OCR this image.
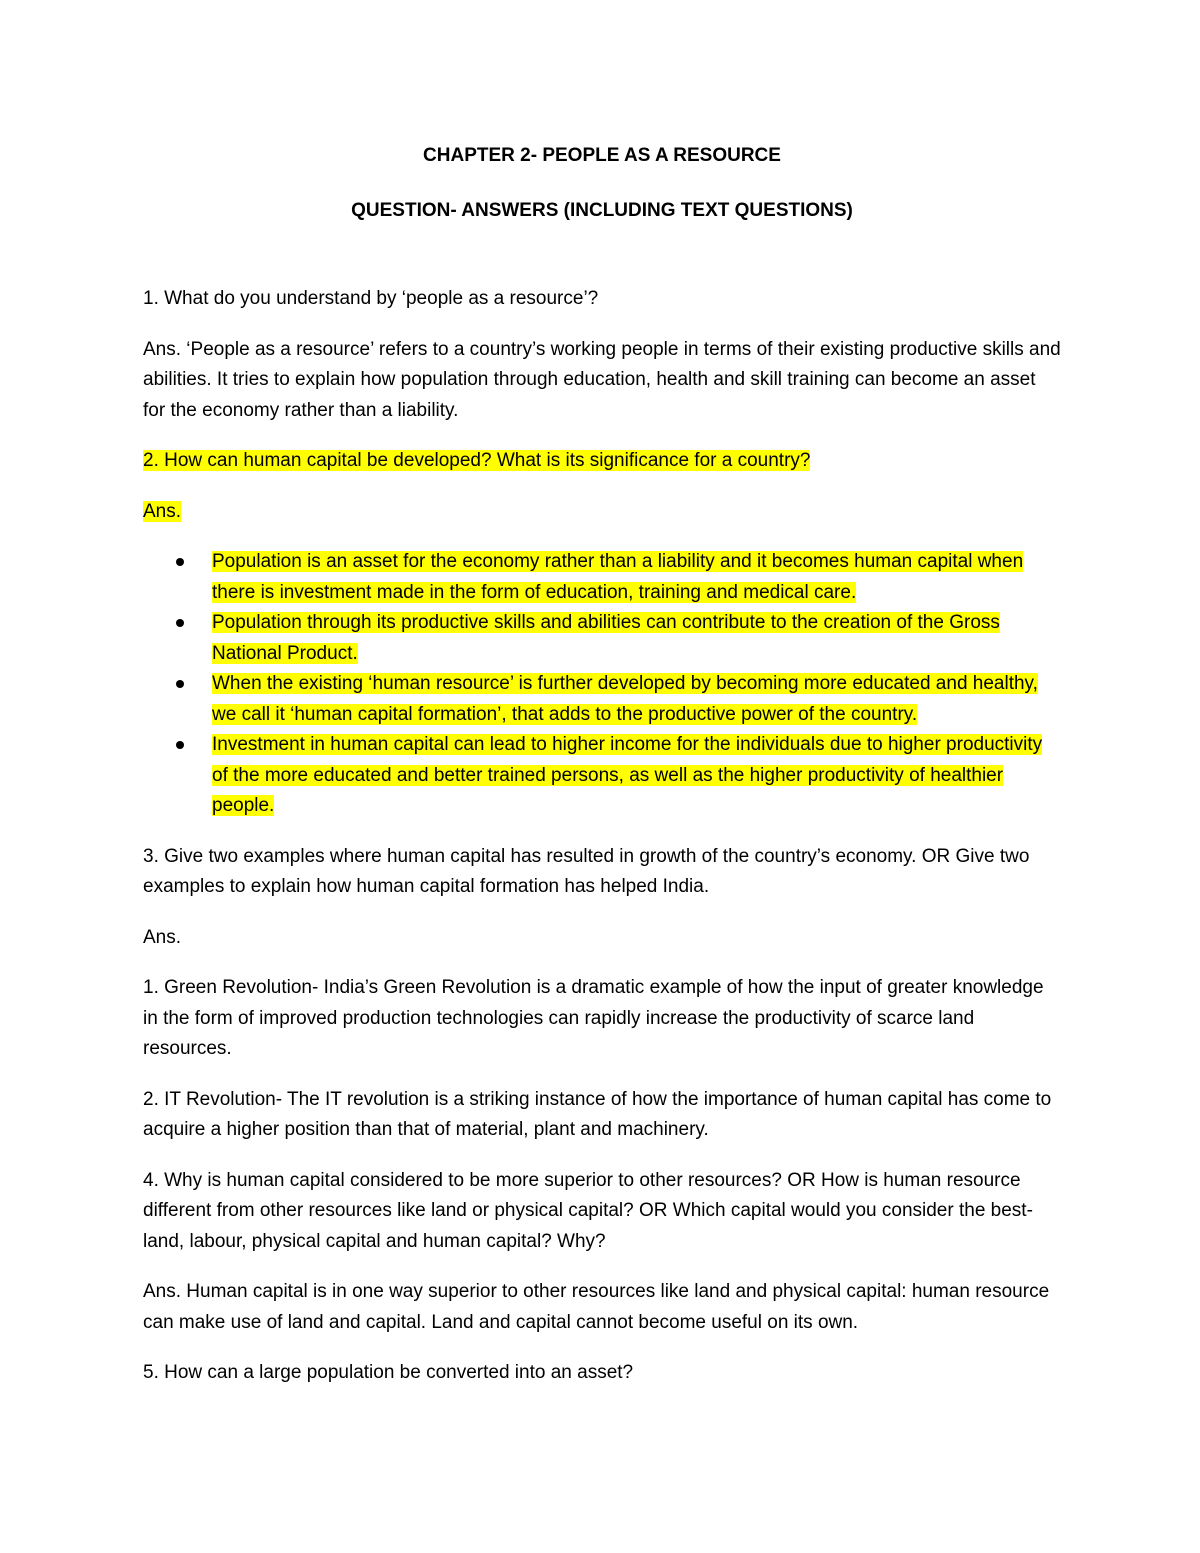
CHAPTER 2- PEOPLE AS A RESOURCE

QUESTION- ANSWERS (INCLUDING TEXT QUESTIONS)

1. What do you understand by ‘people as a resource’?

Ans. ‘People as a resource’ refers to a country’s working people in terms of their existing productive skills and abilities. It tries to explain how population through education, health and skill training can become an asset for the economy rather than a liability.

2. How can human capital be developed? What is its significance for a country?

Ans.

Population is an asset for the economy rather than a liability and it becomes human capital when there is investment made in the form of education, training and medical care.
Population through its productive skills and abilities can contribute to the creation of the Gross National Product.
When the existing ‘human resource’ is further developed by becoming more educated and healthy, we call it ‘human capital formation’, that adds to the productive power of the country.
Investment in human capital can lead to higher income for the individuals due to higher productivity of the more educated and better trained persons, as well as the higher productivity of healthier people.

3. Give two examples where human capital has resulted in growth of the country’s economy. OR Give two examples to explain how human capital formation has helped India.

Ans.

1. Green Revolution- India’s Green Revolution is a dramatic example of how the input of greater knowledge in the form of improved production technologies can rapidly increase the productivity of scarce land resources.

2. IT Revolution- The IT revolution is a striking instance of how the importance of human capital has come to acquire a higher position than that of material, plant and machinery.

4. Why is human capital considered to be more superior to other resources? OR How is human resource different from other resources like land or physical capital? OR Which capital would you consider the best- land, labour, physical capital and human capital? Why?

Ans. Human capital is in one way superior to other resources like land and physical capital: human resource can make use of land and capital. Land and capital cannot become useful on its own.

5. How can a large population be converted into an asset?
